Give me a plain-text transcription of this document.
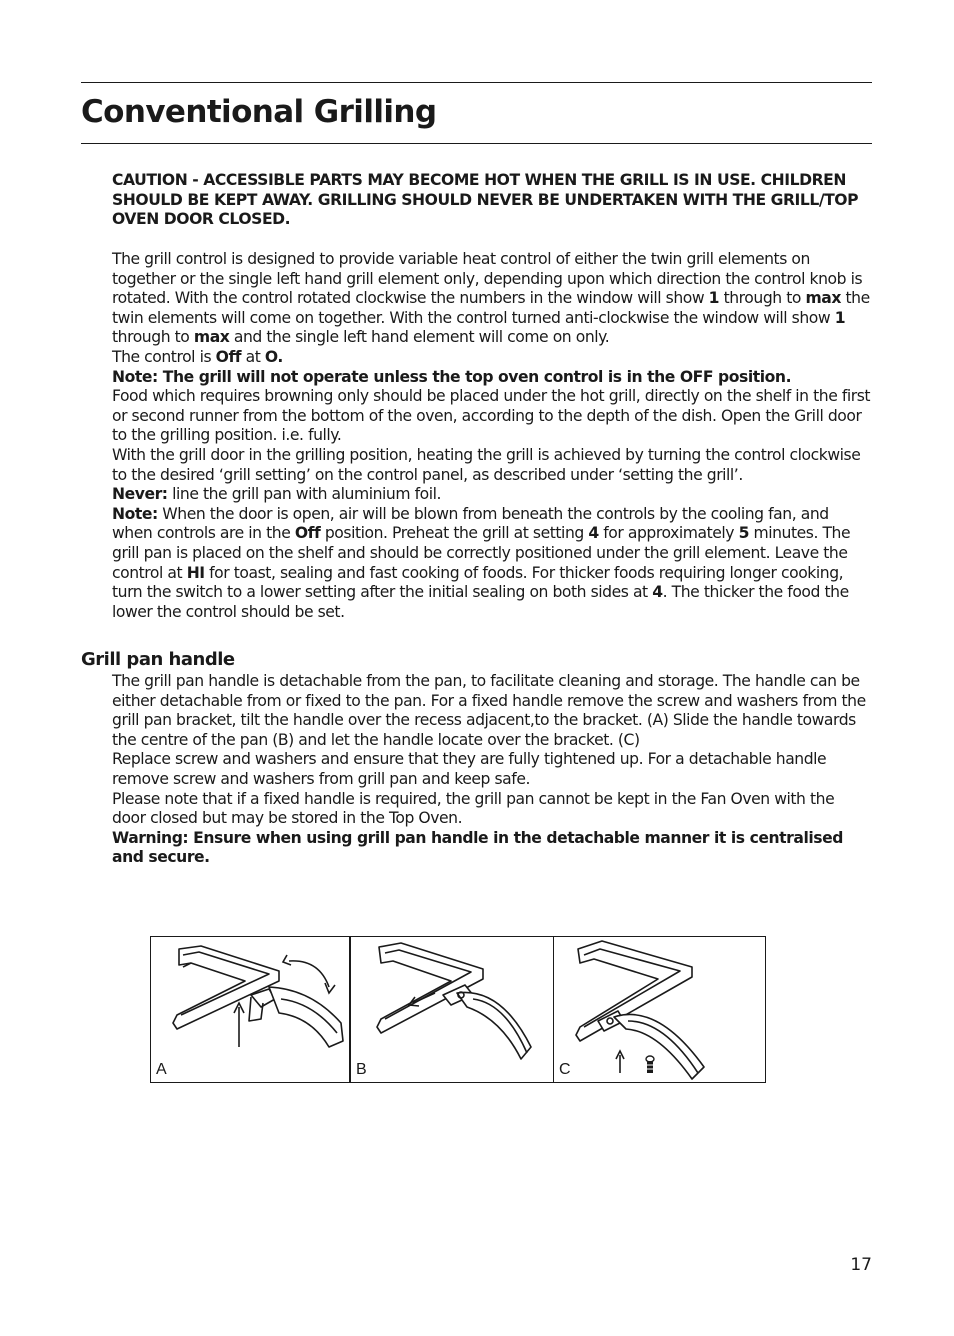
Conventional Grilling
CAUTION - ACCESSIBLE PARTS MAY BECOME HOT WHEN THE GRILL IS IN USE. CHILDREN SHOULD BE KEPT AWAY. GRILLING SHOULD NEVER BE UNDERTAKEN WITH THE GRILL/TOP OVEN DOOR CLOSED.

The grill control is designed to provide variable heat control of either the twin grill elements on together or the single left hand grill element only, depending upon which direction the control knob is rotated. With the control rotated clockwise the numbers in the window will show 1 through to max the twin elements will come on together. With the control turned anti-clockwise the window will show 1 through to max and the single left hand element will come on only.

The control is Off at O.

Note: The grill will not operate unless the top oven control is in the OFF position.

Food which requires browning only should be placed under the hot grill, directly on the shelf in the first or second runner from the bottom of the oven, according to the depth of the dish. Open the Grill door to the grilling position. i.e. fully.

With the grill door in the grilling position, heating the grill is achieved by turning the control clockwise to the desired ‘grill setting’ on the control panel, as described under ‘setting the grill’.

Never: line the grill pan with aluminium foil.

Note: When the door is open, air will be blown from beneath the controls by the cooling fan, and when controls are in the Off position. Preheat the grill at setting 4 for approximately 5 minutes. The grill pan is placed on the shelf and should be correctly positioned under the grill element. Leave the control at HI for toast, sealing and fast cooking of foods. For thicker foods requiring longer cooking, turn the switch to a lower setting after the initial sealing on both sides at 4. The thicker the food the lower the control should be set.

Grill pan handle

The grill pan handle is detachable from the pan, to facilitate cleaning and storage. The handle can be either detachable from or fixed to the pan. For a fixed handle remove the screw and washers from the grill pan bracket, tilt the handle over the recess adjacent,to the bracket. (A) Slide the handle towards the centre of the pan (B) and let the handle locate over the bracket. (C)

Replace screw and washers and ensure that they are fully tightened up. For a detachable handle remove screw and washers from grill pan and keep safe.

Please note that if a fixed handle is required, the grill pan cannot be kept in the Fan Oven with the door closed but may be stored in the Top Oven.

Warning: Ensure when using grill pan handle in the detachable manner it is centralised and secure.

A	B	C
17
